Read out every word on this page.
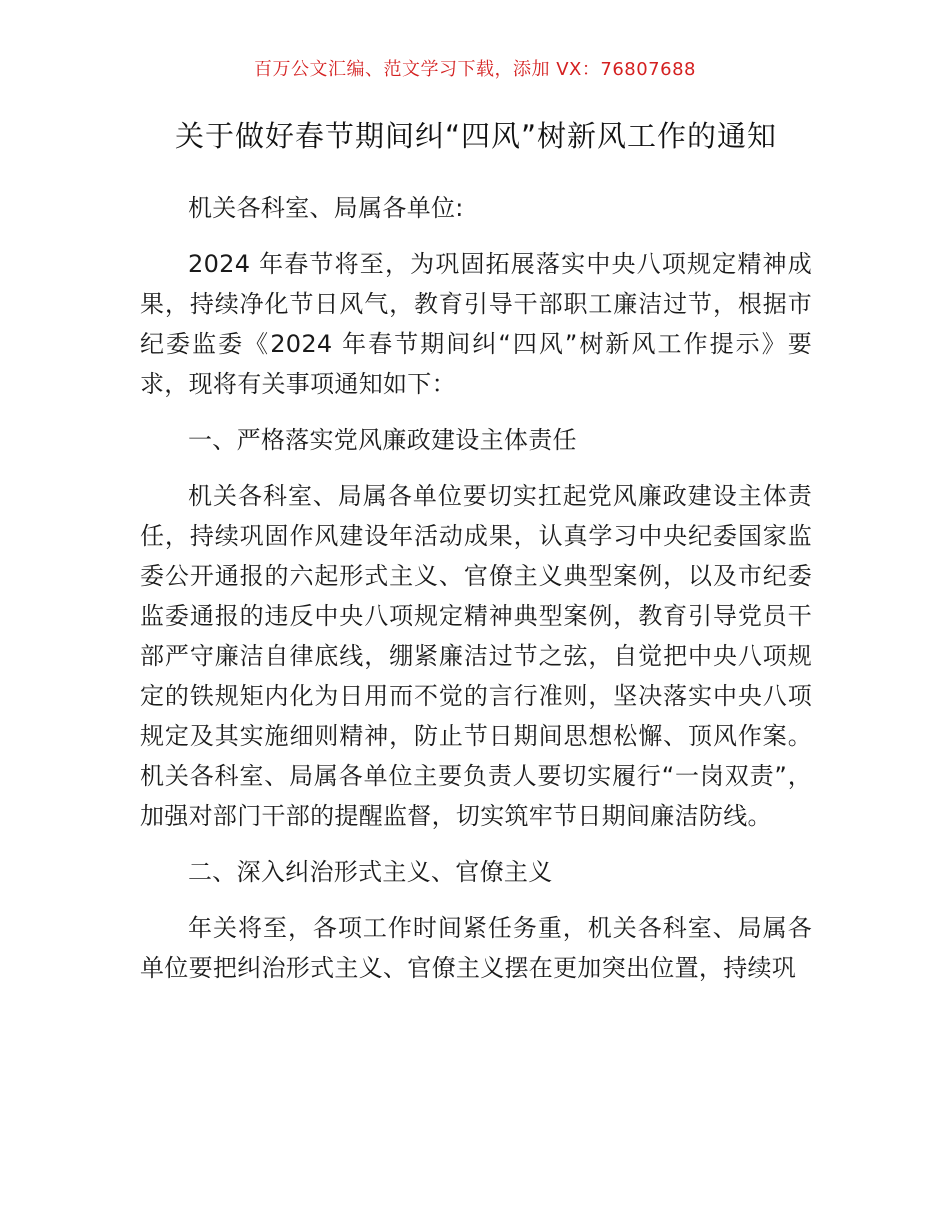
百万公文汇编、范文学习下载，添加 VX：76807688
关于做好春节期间纠“四风”树新风工作的通知

机关各科室、局属各单位:

2024 年春节将至，为巩固拓展落实中央八项规定精神成果，持续净化节日风气，教育引导干部职工廉洁过节，根据市纪委监委《2024 年春节期间纠“四风”树新风工作提示》要求，现将有关事项通知如下：

一、严格落实党风廉政建设主体责任

机关各科室、局属各单位要切实扛起党风廉政建设主体责任，持续巩固作风建设年活动成果，认真学习中央纪委国家监委公开通报的六起形式主义、官僚主义典型案例，以及市纪委监委通报的违反中央八项规定精神典型案例，教育引导党员干部严守廉洁自律底线，绷紧廉洁过节之弦，自觉把中央八项规定的铁规矩内化为日用而不觉的言行准则，坚决落实中央八项规定及其实施细则精神，防止节日期间思想松懈、顶风作案。机关各科室、局属各单位主要负责人要切实履行“一岗双责”，加强对部门干部的提醒监督，切实筑牢节日期间廉洁防线。

二、深入纠治形式主义、官僚主义

年关将至，各项工作时间紧任务重，机关各科室、局属各单位要把纠治形式主义、官僚主义摆在更加突出位置，持续巩
